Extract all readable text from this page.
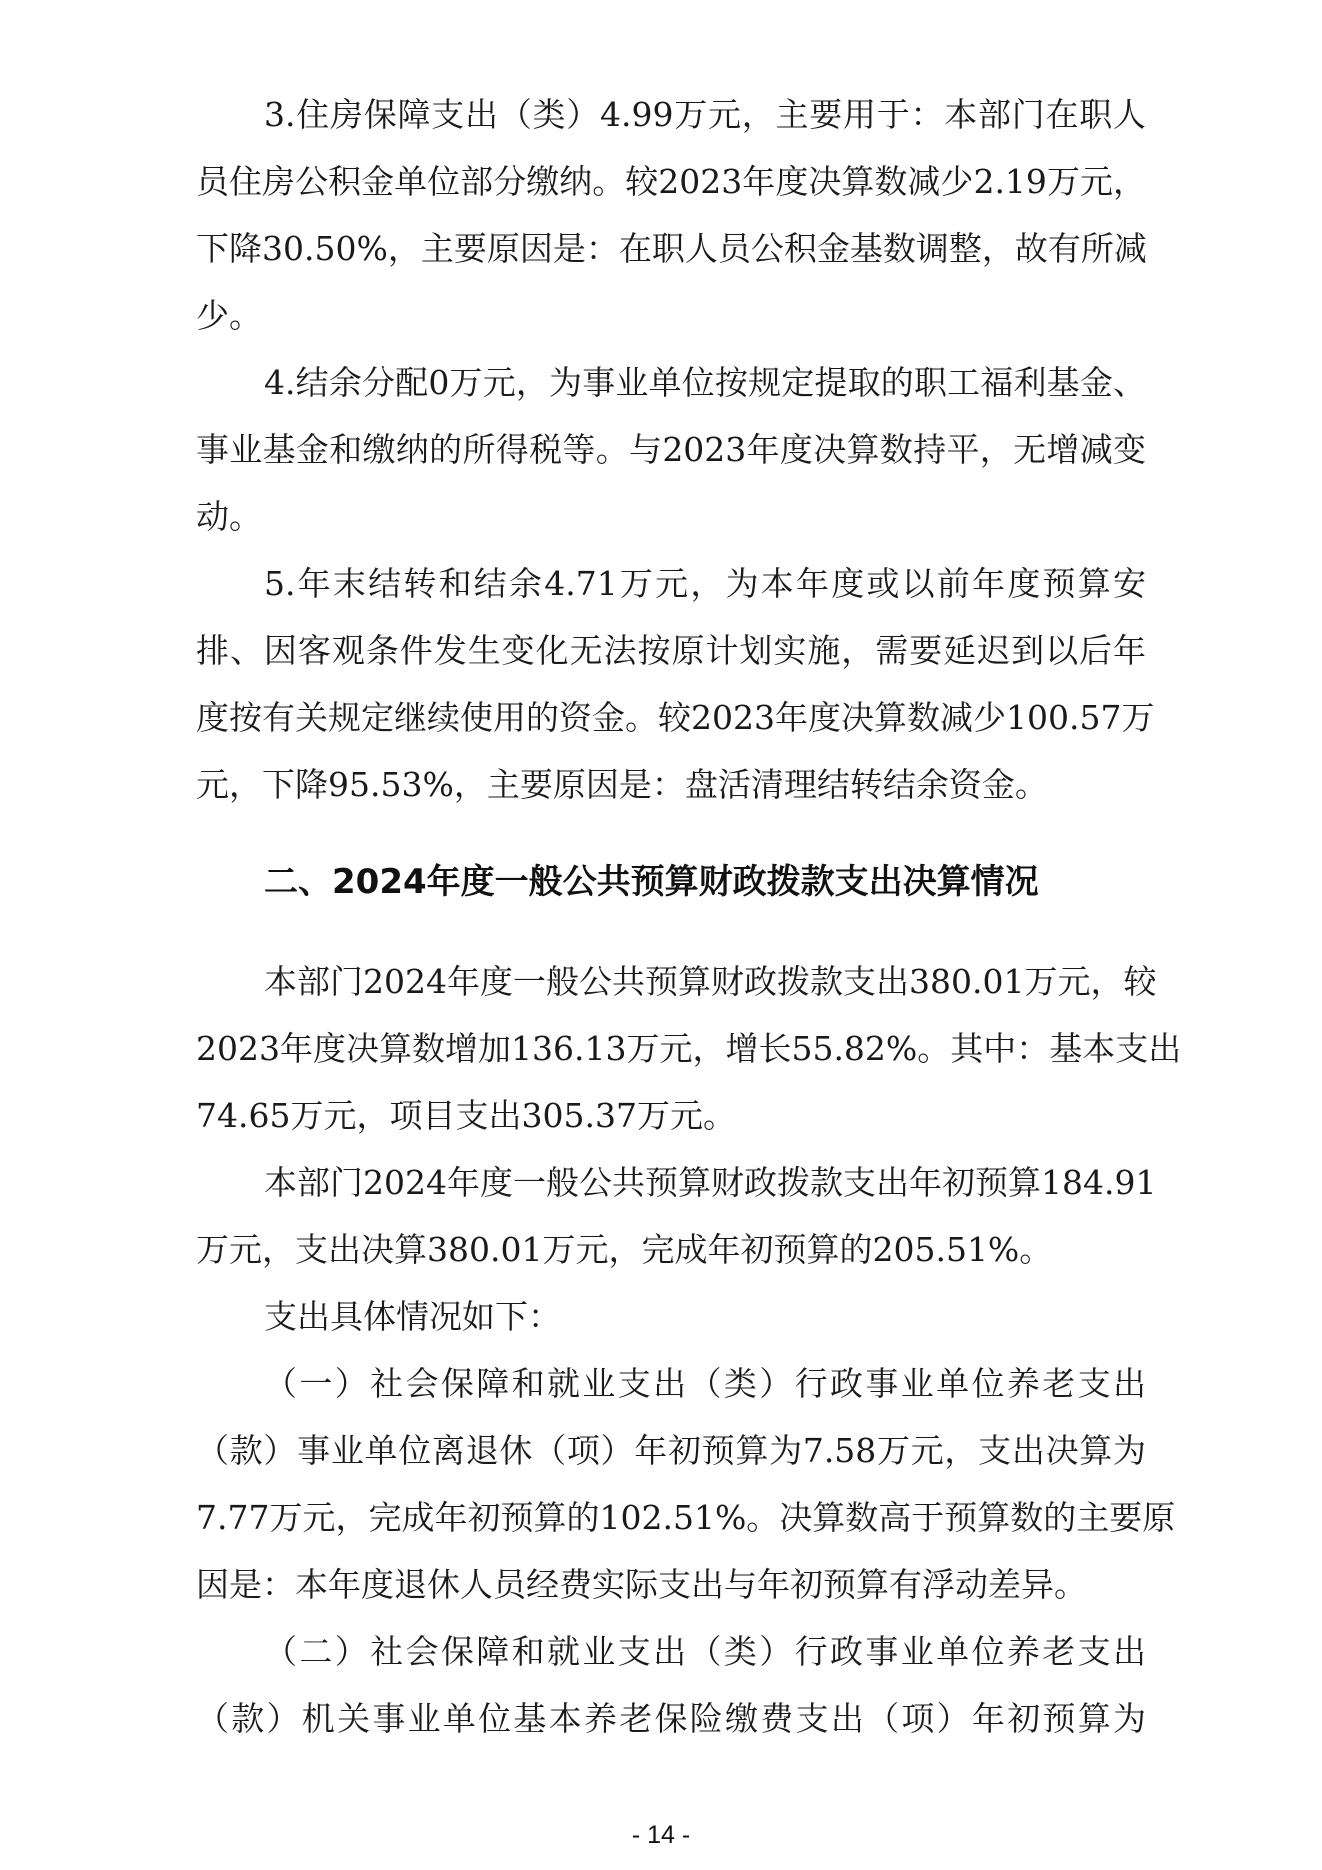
3.住房保障支出（类）4.99万元，主要用于：本部门在职人
员住房公积金单位部分缴纳。较2023年度决算数减少2.19万元，
下降30.50%，主要原因是：在职人员公积金基数调整，故有所减
少。
4.结余分配0万元，为事业单位按规定提取的职工福利基金、
事业基金和缴纳的所得税等。与2023年度决算数持平，无增减变
动。
5.年末结转和结余4.71万元，为本年度或以前年度预算安
排、因客观条件发生变化无法按原计划实施，需要延迟到以后年
度按有关规定继续使用的资金。较2023年度决算数减少100.57万
元，下降95.53%，主要原因是：盘活清理结转结余资金。
二、2024年度一般公共预算财政拨款支出决算情况
本部门2024年度一般公共预算财政拨款支出380.01万元，较
2023年度决算数增加136.13万元，增长55.82%。其中：基本支出
74.65万元，项目支出305.37万元。
本部门2024年度一般公共预算财政拨款支出年初预算184.91
万元，支出决算380.01万元，完成年初预算的205.51%。
支出具体情况如下：
（一）社会保障和就业支出（类）行政事业单位养老支出
（款）事业单位离退休（项）年初预算为7.58万元，支出决算为
7.77万元，完成年初预算的102.51%。决算数高于预算数的主要原
因是：本年度退休人员经费实际支出与年初预算有浮动差异。
（二）社会保障和就业支出（类）行政事业单位养老支出
（款）机关事业单位基本养老保险缴费支出（项）年初预算为
- 14 -
